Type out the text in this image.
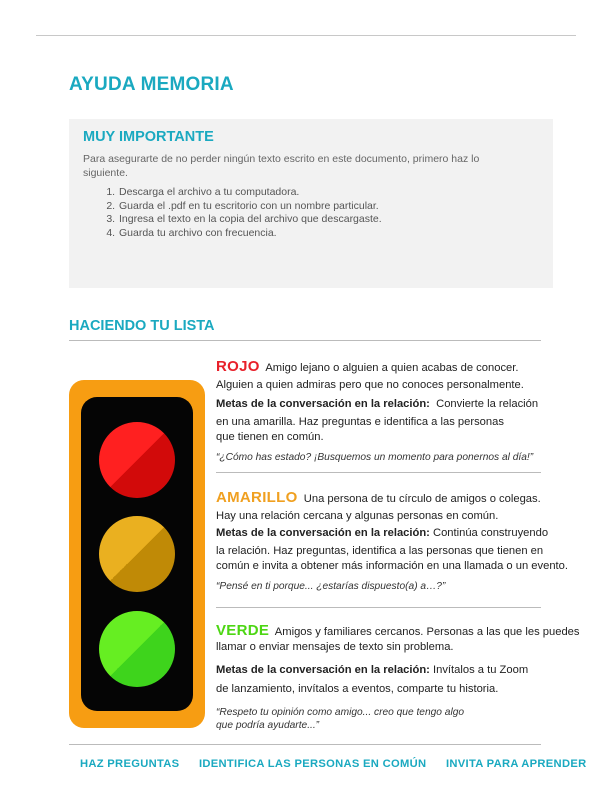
AYUDA MEMORIA
MUY IMPORTANTE

Para asegurarte de no perder ningún texto escrito en este documento, primero haz lo siguiente.

1. Descarga el archivo a tu computadora.
2. Guarda el .pdf en tu escritorio con un nombre particular.
3. Ingresa el texto en la copia del archivo que descargaste.
4. Guarda tu archivo con frecuencia.
HACIENDO TU LISTA

ROJO Amigo lejano o alguien a quien acabas de conocer.

Alguien a quien admiras pero que no conoces personalmente.

Metas de la conversación en la relación: Convierte la relación

en una amarilla. Haz preguntas e identifica a las personas

que tienen en común.

“¿Cómo has estado? ¡Busquemos un momento para ponernos al día!”

AMARILLO Una persona de tu círculo de amigos o colegas.

Hay una relación cercana y algunas personas en común.

Metas de la conversación en la relación: Continúa construyendo

la relación. Haz preguntas, identifica a las personas que tienen en

común e invita a obtener más información en una llamada o un evento.

“Pensé en ti porque... ¿estarías dispuesto(a) a…?”

VERDE Amigos y familiares cercanos. Personas a las que les puedes

llamar o enviar mensajes de texto sin problema.

Metas de la conversación en la relación: Invítalos a tu Zoom

de lanzamiento, invítalos a eventos, comparte tu historia.

“Respeto tu opinión como amigo... creo que tengo algo

que podría ayudarte...”

HAZ PREGUNTAS IDENTIFICA LAS PERSONAS EN COMÚN INVITA PARA APRENDER
